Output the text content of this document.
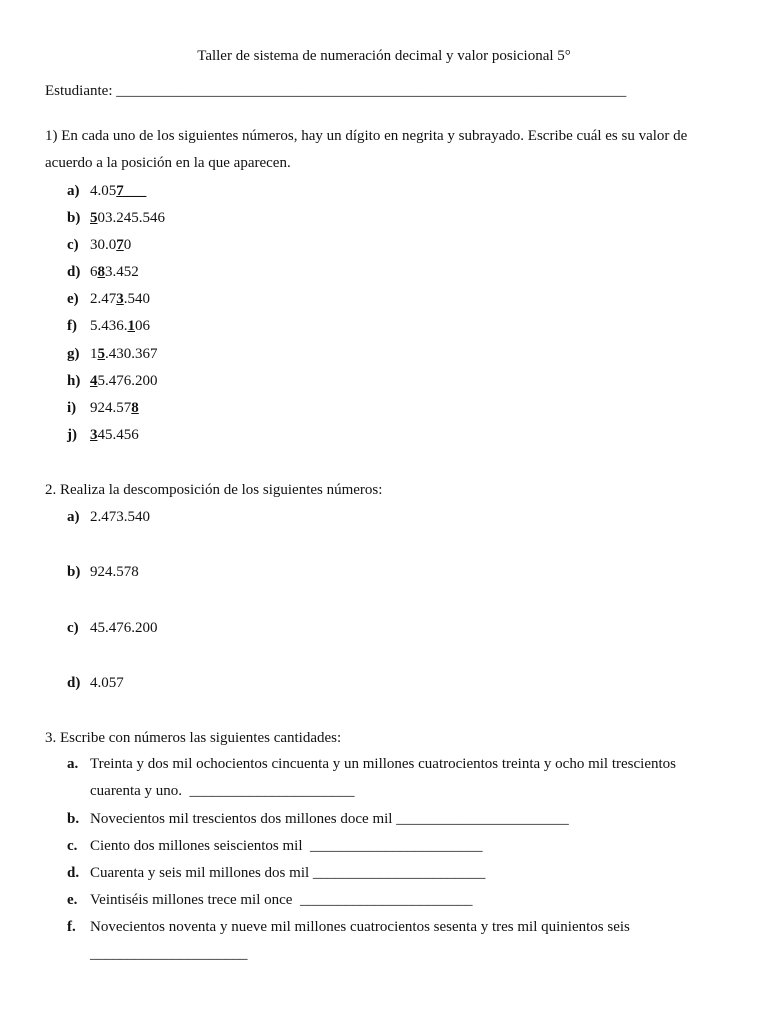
Taller de sistema de numeración decimal y valor posicional 5°
Estudiante: ____________________________________________________________________
1) En cada uno de los siguientes números, hay un dígito en negrita y subrayado. Escribe cuál es su valor de acuerdo a la posición en la que aparecen.
a) 4.057___
b) 503.245.546
c) 30.070
d) 683.452
e) 2.473.540
f) 5.436.106
g) 15.430.367
h) 45.476.200
i) 924.578
j) 345.456
2. Realiza la descomposición de los siguientes números:
a) 2.473.540
b) 924.578
c) 45.476.200
d) 4.057
3. Escribe con números las siguientes cantidades:
a. Treinta y dos mil ochocientos cincuenta y un millones cuatrocientos treinta y ocho mil trescientos cuarenta y uno. ______________________
b. Novecientos mil trescientos dos millones doce mil _______________________
c. Ciento dos millones seiscientos mil _______________________
d. Cuarenta y seis mil millones dos mil _______________________
e. Veintiséis millones trece mil once _______________________
f. Novecientos noventa y nueve mil millones cuatrocientos sesenta y tres mil quinientos seis
_____________________
